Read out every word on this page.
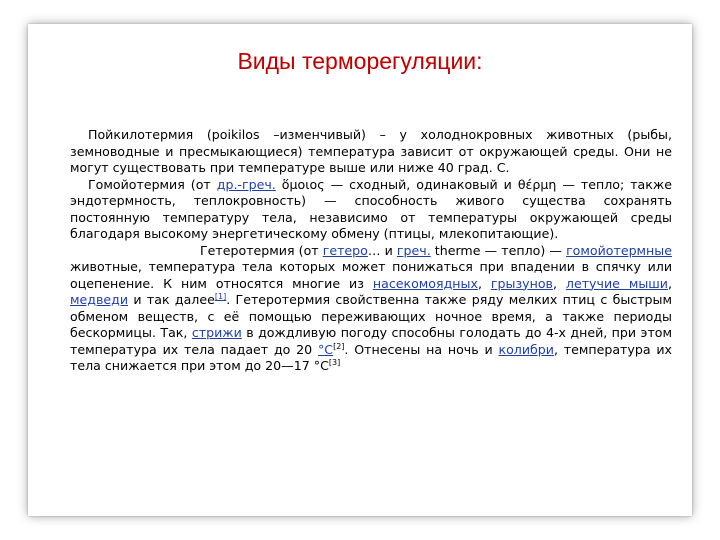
Виды терморегуляции:

Пойкилотермия (poikilos –изменчивый) – у холоднокровных животных (рыбы, земноводные и пресмыкающиеся) температура зависит от окружающей среды. Они не могут существовать при температуре выше или ниже 40 град. С.

Гомойотермия (от др.-греч. ὅμοιος — сходный, одинаковый и θέρμη — тепло; также эндотермность, теплокровность) — способность живого существа сохранять постоянную температуру тела, независимо от температуры окружающей среды благодаря высокому энергетическому обмену (птицы, млекопитающие).

Гетеротермия (от гетеро… и греч. therme — тепло) — гомойотермные животные, температура тела которых может понижаться при впадении в спячку или оцепенение. К ним относятся многие из насекомоядных, грызунов, летучие мыши, медведи и так далее[1]. Гетеротермия свойственна также ряду мелких птиц с быстрым обменом веществ, с её помощью переживающих ночное время, а также периоды бескормицы. Так, стрижи в дождливую погоду способны голодать до 4-х дней, при этом температура их тела падает до 20 °C[2]. Отнесены на ночь и колибри, температура их тела снижается при этом до 20—17 °C[3]
